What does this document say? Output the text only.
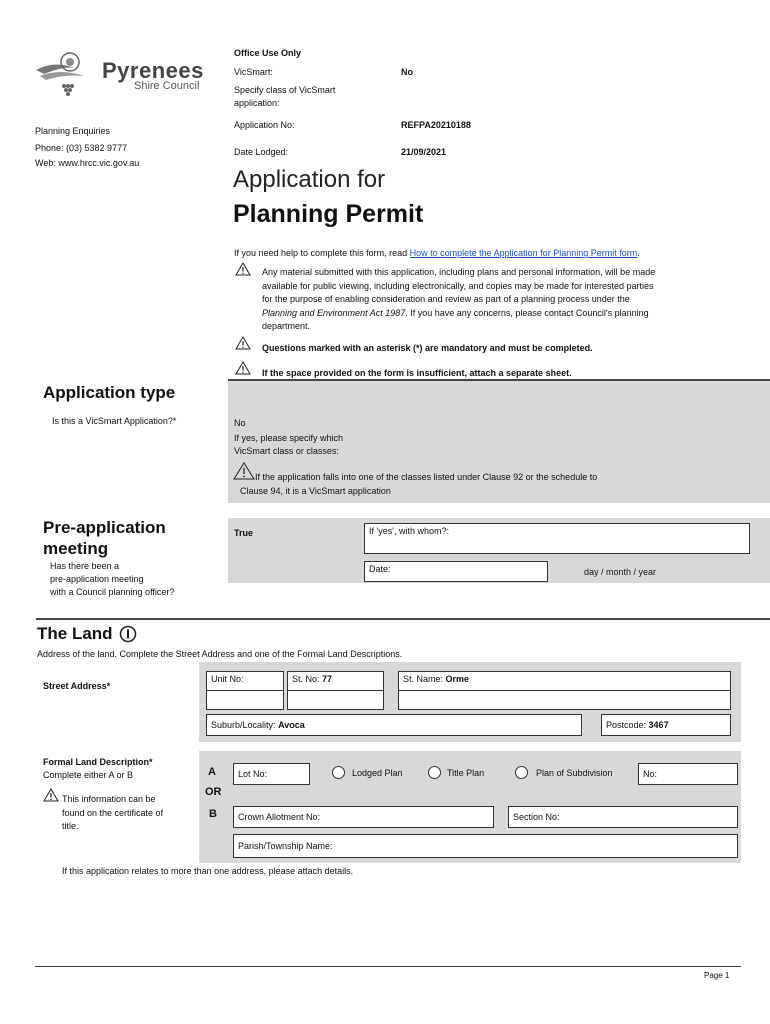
Pyrenees
Shire Council
Planning Enquiries
Phone: (03) 5382 9777
Web: www.hrcc.vic.gov.au
Office Use Only
VicSmart:	No
Specify class of VicSmart
application:
Application No:	REFPA20210188
Date Lodged:	21/09/2021
Application for
Planning Permit
If you need help to complete this form, read How to complete the Application for Planning Permit form.
Any material submitted with this application, including plans and personal information, will be made
available for public viewing, including electronically, and copies may be made for interested parties
for the purpose of enabling consideration and review as part of a planning process under the
Planning and Environment Act 1987. If you have any concerns, please contact Council's planning
department.
Questions marked with an asterisk (*) are mandatory and must be completed.
If the space provided on the form is insufficient, attach a separate sheet.
Application type
Is this a VicSmart Application?*	No
If yes, please specify which
VicSmart class or classes:
If the application falls into one of the classes listed under Clause 92 or the schedule to
Clause 94, it is a VicSmart application
Pre-application
meeting
Has there been a
pre-application meeting
with a Council planning officer?
True	If 'yes', with whom?:
Date:	day / month / year
The Land
Address of the land. Complete the Street Address and one of the Formal Land Descriptions.
Street Address*
Unit No:	St. No: 77	St. Name: Orme
Suburb/Locality: Avoca	Postcode: 3467
Formal Land Description*
Complete either A or B
This information can be
found on the certificate of
title.
A
OR
B
Lot No:	Lodged Plan	Title Plan	Plan of Subdivision	No:
Crown Allotment No:	Section No:
Parish/Township Name:
If this application relates to more than one address, please attach details.
Page 1
